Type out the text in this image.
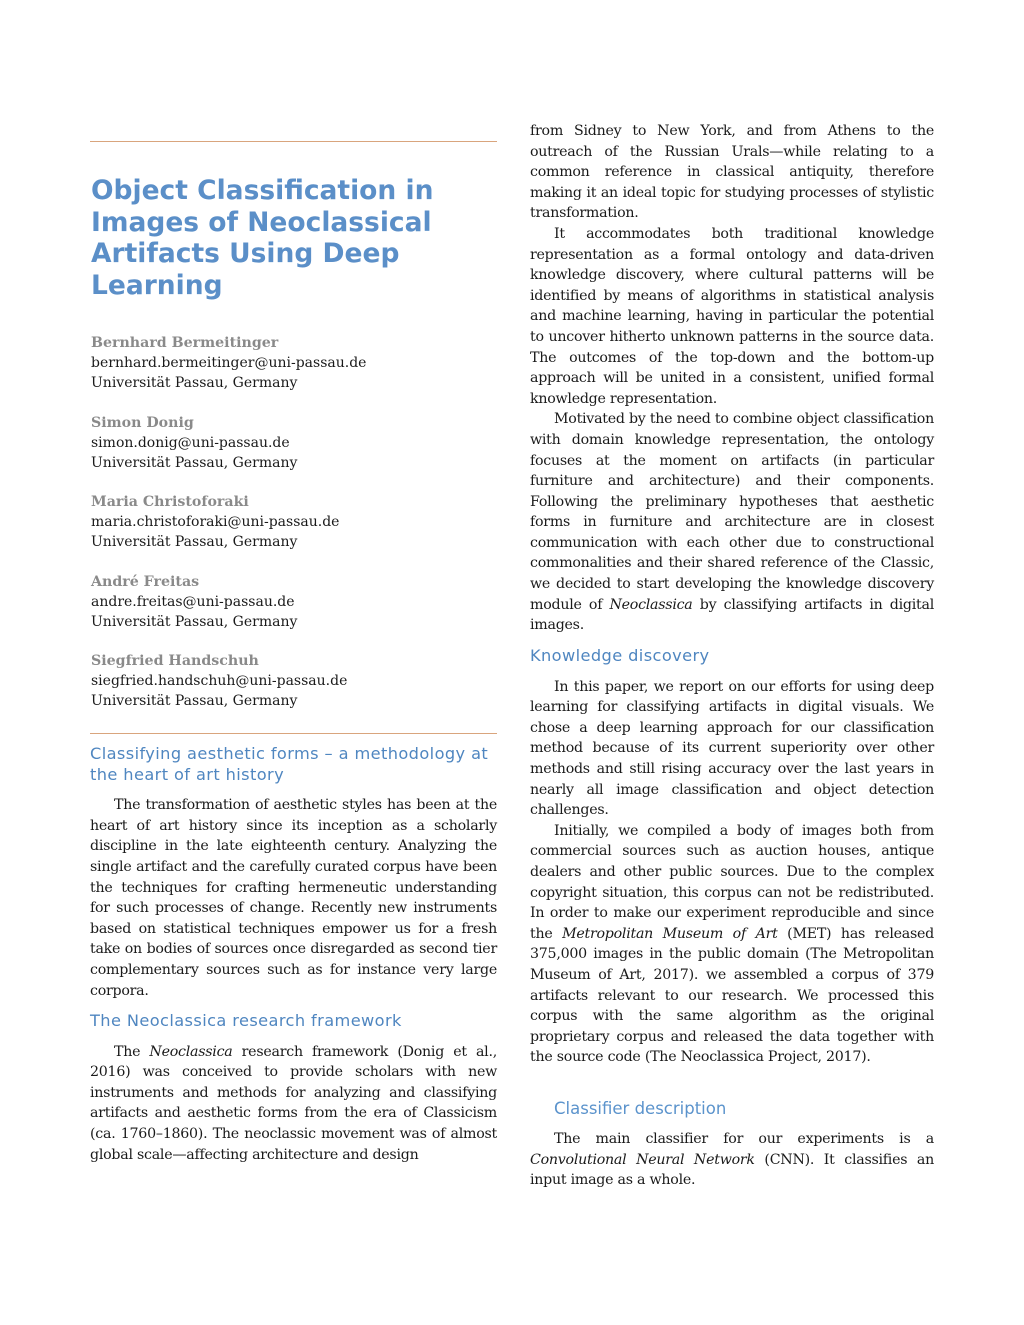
Object Classification in Images of Neoclassical Artifacts Using Deep Learning
Bernhard Bermeitinger
bernhard.bermeitinger@uni-passau.de
Universität Passau, Germany
Simon Donig
simon.donig@uni-passau.de
Universität Passau, Germany
Maria Christoforaki
maria.christoforaki@uni-passau.de
Universität Passau, Germany
André Freitas
andre.freitas@uni-passau.de
Universität Passau, Germany
Siegfried Handschuh
siegfried.handschuh@uni-passau.de
Universität Passau, Germany
Classifying aesthetic forms – a methodology at the heart of art history

The transformation of aesthetic styles has been at the heart of art history since its inception as a scholarly discipline in the late eighteenth century. Analyzing the single artifact and the carefully curated corpus have been the techniques for crafting hermeneutic understanding for such processes of change. Recently new instruments based on statistical techniques empower us for a fresh take on bodies of sources once disregarded as second tier complementary sources such as for instance very large corpora.

The Neoclassica research framework

The Neoclassica research framework (Donig et al., 2016) was conceived to provide scholars with new instruments and methods for analyzing and classifying artifacts and aesthetic forms from the era of Classicism (ca. 1760–1860). The neoclassic movement was of almost global scale—affecting architecture and design

from Sidney to New York, and from Athens to the outreach of the Russian Urals—while relating to a common reference in classical antiquity, therefore making it an ideal topic for studying processes of stylistic transformation.

It accommodates both traditional knowledge representation as a formal ontology and data-driven knowledge discovery, where cultural patterns will be identified by means of algorithms in statistical analysis and machine learning, having in particular the potential to uncover hitherto unknown patterns in the source data. The outcomes of the top-down and the bottom-up approach will be united in a consistent, unified formal knowledge representation.

Motivated by the need to combine object classification with domain knowledge representation, the ontology focuses at the moment on artifacts (in particular furniture and architecture) and their components. Following the preliminary hypotheses that aesthetic forms in furniture and architecture are in closest communication with each other due to constructional commonalities and their shared reference of the Classic, we decided to start developing the knowledge discovery module of Neoclassica by classifying artifacts in digital images.

Knowledge discovery

In this paper, we report on our efforts for using deep learning for classifying artifacts in digital visuals. We chose a deep learning approach for our classification method because of its current superiority over other methods and still rising accuracy over the last years in nearly all image classification and object detection challenges.

Initially, we compiled a body of images both from commercial sources such as auction houses, antique dealers and other public sources. Due to the complex copyright situation, this corpus can not be redistributed. In order to make our experiment reproducible and since the Metropolitan Museum of Art (MET) has released 375,000 images in the public domain (The Metropolitan Museum of Art, 2017). we assembled a corpus of 379 artifacts relevant to our research. We processed this corpus with the same algorithm as the original proprietary corpus and released the data together with the source code (The Neoclassica Project, 2017).

Classifier description

The main classifier for our experiments is a Convolutional Neural Network (CNN). It classifies an input image as a whole.
